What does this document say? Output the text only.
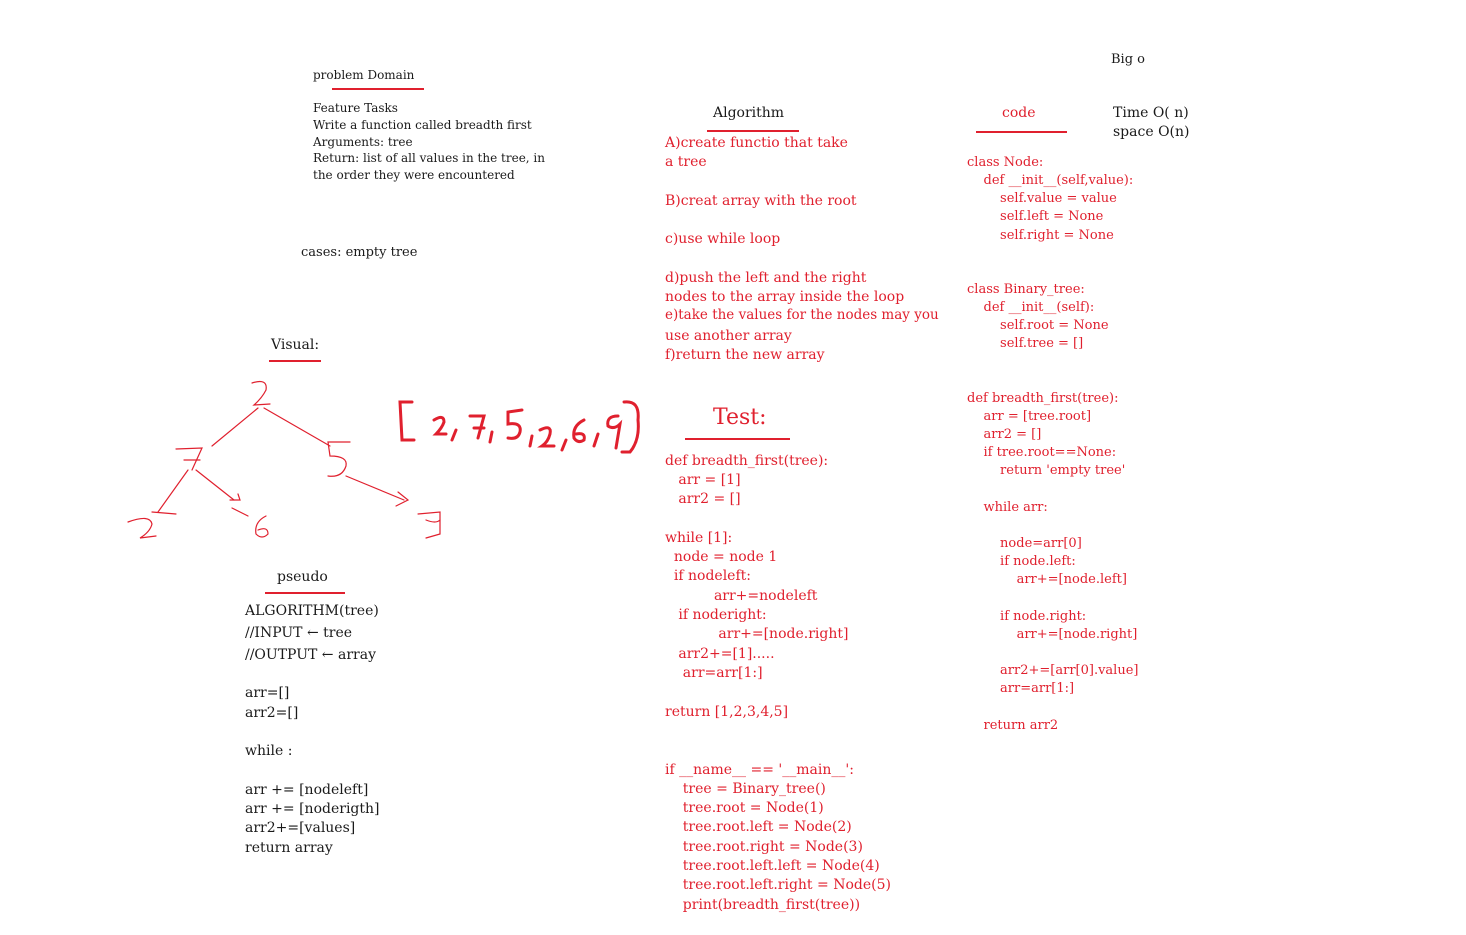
problem Domain
Feature Tasks
Write a function called breadth first
Arguments: tree
Return: list of all values in the tree, in
the order they were encountered
cases: empty tree
Visual:
pseudo
ALGORITHM(tree)
//INPUT ← tree
//OUTPUT ← array
arr=[]
arr2=[]
while :
arr += [nodeleft]
arr += [noderigth]
arr2+=[values]
return array
Algorithm
A)create functio that take
a tree
B)creat array with the root
c)use while loop
d)push the left and the right
nodes to the array inside the loop
e)take the values for the nodes may you
use another array
f)return the new array
Test:
def breadth_first(tree):
arr = [1]
arr2 = []
while [1]:
node = node 1
if nodeleft:
arr+=nodeleft
if noderight:
arr+=[node.right]
arr2+=[1].....
arr=arr[1:]
return [1,2,3,4,5]
if __name__ == '__main__':
tree = Binary_tree()
tree.root = Node(1)
tree.root.left = Node(2)
tree.root.right = Node(3)
tree.root.left.left = Node(4)
tree.root.left.right = Node(5)
print(breadth_first(tree))
code
class Node:
def __init__(self,value):
self.value = value
self.left = None
self.right = None
class Binary_tree:
def __init__(self):
self.root = None
self.tree = []
def breadth_first(tree):
arr = [tree.root]
arr2 = []
if tree.root==None:
return 'empty tree'
while arr:
node=arr[0]
if node.left:
arr+=[node.left]
if node.right:
arr+=[node.right]
arr2+=[arr[0].value]
arr=arr[1:]
return arr2
Big o
Time O( n)
space O(n)
